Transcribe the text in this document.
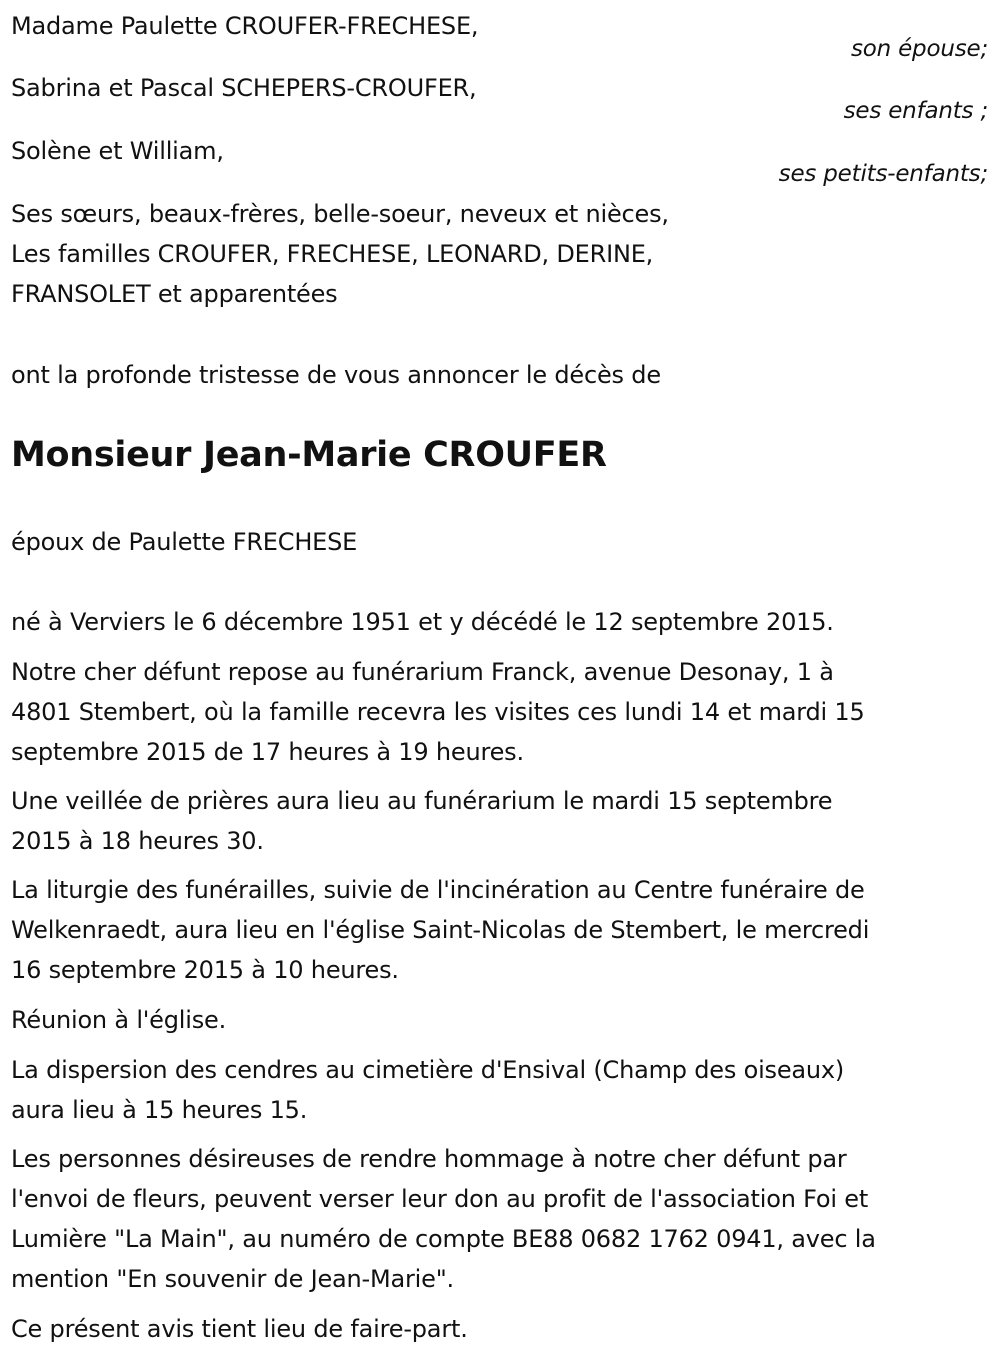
Madame Paulette CROUFER-FRECHESE,
son épouse;
Sabrina et Pascal SCHEPERS-CROUFER,
ses enfants ;
Solène et William,
ses petits-enfants;
Ses sœurs, beaux-frères, belle-soeur, neveux et nièces,
Les familles CROUFER, FRECHESE, LEONARD, DERINE,
FRANSOLET et apparentées
ont la profonde tristesse de vous annoncer le décès de
Monsieur Jean-Marie CROUFER
époux de Paulette FRECHESE
né à Verviers le 6 décembre 1951 et y décédé le 12 septembre 2015.
Notre cher défunt repose au funérarium Franck, avenue Desonay, 1 à
4801 Stembert, où la famille recevra les visites ces lundi 14 et mardi 15
septembre 2015 de 17 heures à 19 heures.
Une veillée de prières aura lieu au funérarium le mardi 15 septembre
2015 à 18 heures 30.
La liturgie des funérailles, suivie de l'incinération au Centre funéraire de
Welkenraedt, aura lieu en l'église Saint-Nicolas de Stembert, le mercredi
16 septembre 2015 à 10 heures.
Réunion à l'église.
La dispersion des cendres au cimetière d'Ensival (Champ des oiseaux)
aura lieu à 15 heures 15.
Les personnes désireuses de rendre hommage à notre cher défunt par
l'envoi de fleurs, peuvent verser leur don au profit de l'association Foi et
Lumière "La Main", au numéro de compte BE88 0682 1762 0941, avec la
mention "En souvenir de Jean-Marie".
Ce présent avis tient lieu de faire-part.
